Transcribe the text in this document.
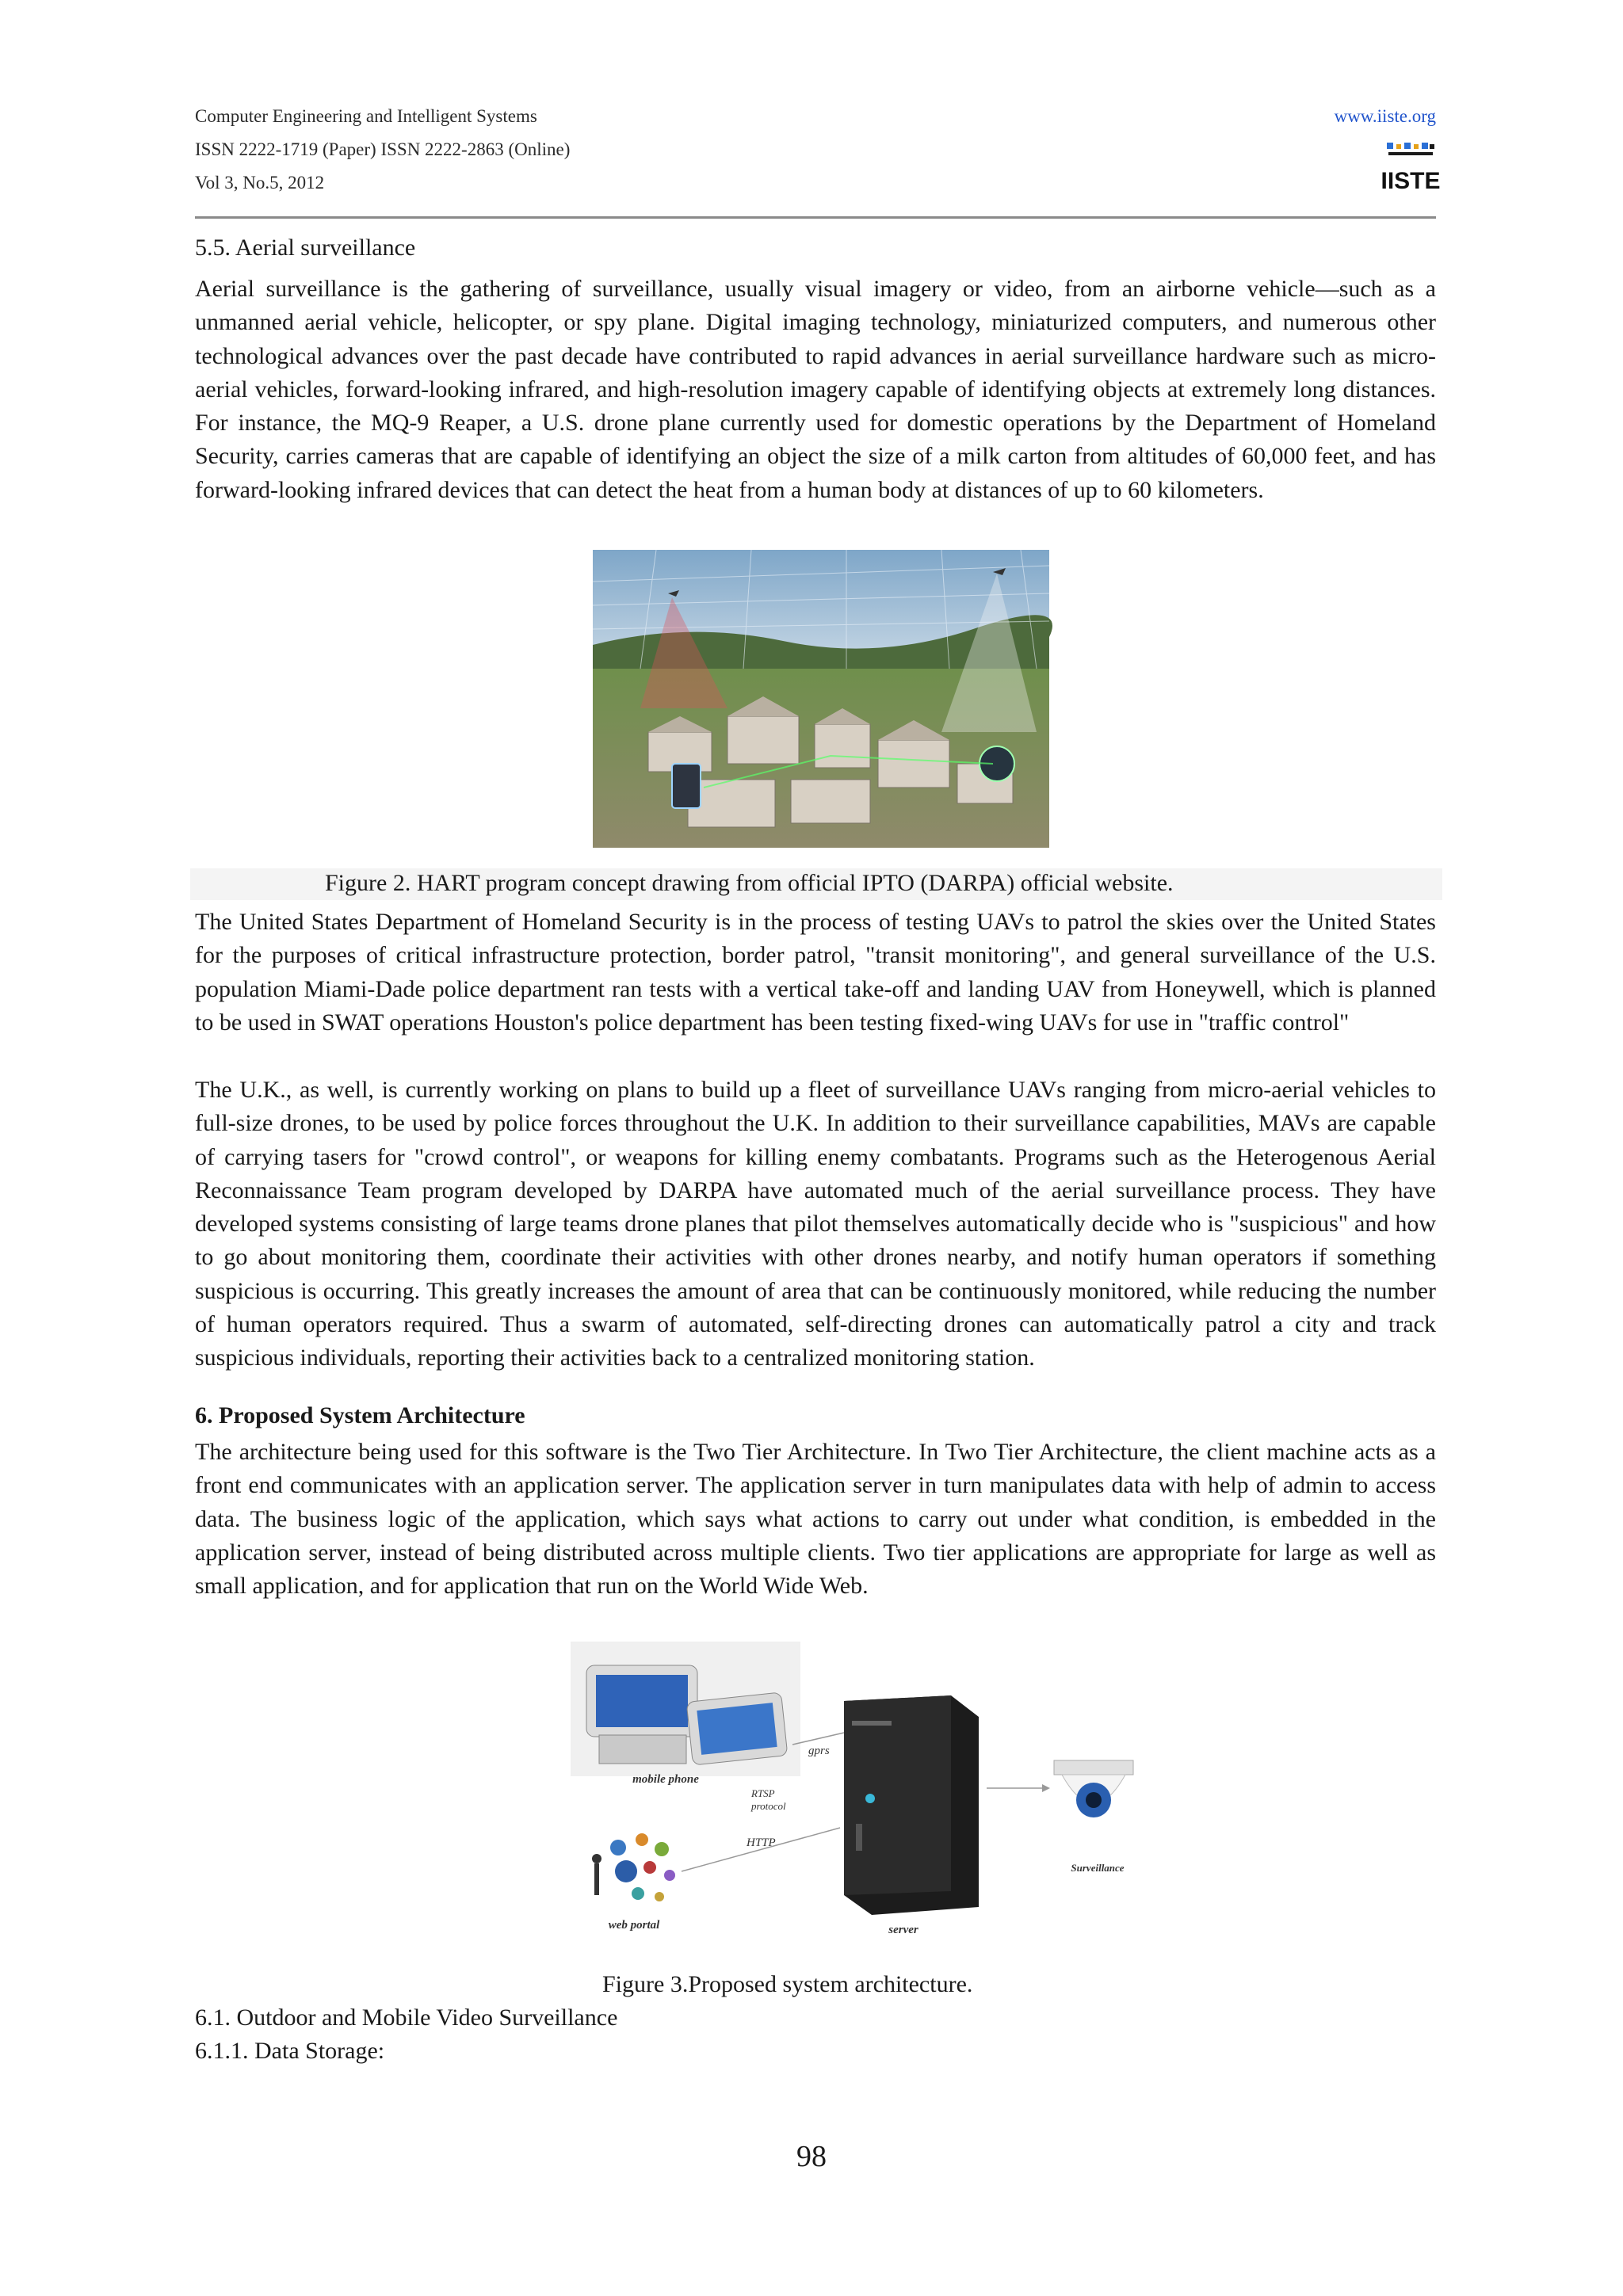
Computer Engineering and Intelligent Systems
ISSN 2222-1719 (Paper) ISSN 2222-2863 (Online)
Vol 3, No.5, 2012
www.iiste.org
IISTE
5.5. Aerial surveillance
Aerial surveillance is the gathering of surveillance, usually visual imagery or video, from an airborne vehicle—such as a unmanned aerial vehicle, helicopter, or spy plane. Digital imaging technology, miniaturized computers, and numerous other technological advances over the past decade have contributed to rapid advances in aerial surveillance hardware such as micro-aerial vehicles, forward-looking infrared, and high-resolution imagery capable of identifying objects at extremely long distances. For instance, the MQ-9 Reaper, a U.S. drone plane currently used for domestic operations by the Department of Homeland Security, carries cameras that are capable of identifying an object the size of a milk carton from altitudes of 60,000 feet, and has forward-looking infrared devices that can detect the heat from a human body at distances of up to 60 kilometers.
Figure 2. HART program concept drawing from official IPTO (DARPA) official website.
The United States Department of Homeland Security is in the process of testing UAVs to patrol the skies over the United States for the purposes of critical infrastructure protection, border patrol, "transit monitoring", and general surveillance of the U.S. population Miami-Dade police department ran tests with a vertical take-off and landing UAV from Honeywell, which is planned to be used in SWAT operations Houston's police department has been testing fixed-wing UAVs for use in "traffic control"
The U.K., as well, is currently working on plans to build up a fleet of surveillance UAVs ranging from micro-aerial vehicles to full-size drones, to be used by police forces throughout the U.K. In addition to their surveillance capabilities, MAVs are capable of carrying tasers for "crowd control", or weapons for killing enemy combatants. Programs such as the Heterogenous Aerial Reconnaissance Team program developed by DARPA have automated much of the aerial surveillance process. They have developed systems consisting of large teams drone planes that pilot themselves automatically decide who is "suspicious" and how to go about monitoring them, coordinate their activities with other drones nearby, and notify human operators if something suspicious is occurring. This greatly increases the amount of area that can be continuously monitored, while reducing the number of human operators required. Thus a swarm of automated, self-directing drones can automatically patrol a city and track suspicious individuals, reporting their activities back to a centralized monitoring station.
6. Proposed System Architecture
The architecture being used for this software is the Two Tier Architecture. In Two Tier Architecture, the client machine acts as a front end communicates with an application server. The application server in turn manipulates data with help of admin to access data. The business logic of the application, which says what actions to carry out under what condition, is embedded in the application server, instead of being distributed across multiple clients. Two tier applications are appropriate for large as well as small application, and for application that run on the World Wide Web.
mobile phone
gprs
RTSP
protocol
web portal
HTTP
server
Surveillance
Figure 3.Proposed system architecture.
6.1. Outdoor and Mobile Video Surveillance
6.1.1. Data Storage:
98
